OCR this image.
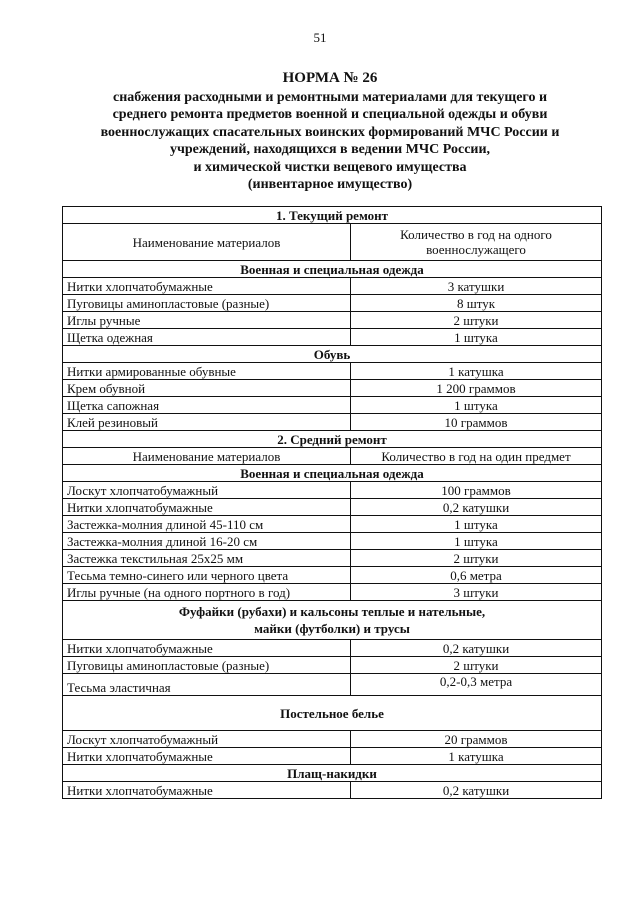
51
НОРМА № 26
снабжения расходными и ремонтными материалами для текущего и
среднего ремонта предметов военной и специальной одежды и обуви
военнослужащих спасательных воинских формирований МЧС России и
учреждений, находящихся в ведении МЧС России,
и химической чистки вещевого имущества
(инвентарное имущество)
1. Текущий ремонт	
Наименование материалов	Количество в год на одного военнослужащего
Военная и специальная одежда	
Нитки хлопчатобумажные	3 катушки
Пуговицы аминопластовые (разные)	8 штук
Иглы ручные	2 штуки
Щетка одежная	1 штука
Обувь	
Нитки армированные обувные	1 катушка
Крем обувной	1 200 граммов
Щетка сапожная	1 штука
Клей резиновый	10 граммов
2. Средний ремонт	
Наименование материалов	Количество в год на один предмет
Военная и специальная одежда	
Лоскут хлопчатобумажный	100 граммов
Нитки хлопчатобумажные	0,2 катушки
Застежка-молния длиной 45-110 см	1 штука
Застежка-молния длиной 16-20 см	1 штука
Застежка текстильная 25x25 мм	2 штуки
Тесьма темно-синего или черного цвета	0,6 метра
Иглы ручные (на одного портного в год)	3 штуки

Фуфайки (рубахи) и кальсоны теплые и нательные,
майки (футболки) и трусы	

Нитки хлопчатобумажные	0,2 катушки
Пуговицы аминопластовые (разные)	2 штуки
Тесьма эластичная	0,2-0,3 метра
Постельное белье	
Лоскут хлопчатобумажный	20 граммов
Нитки хлопчатобумажные	1 катушка
Плащ-накидки	
Нитки хлопчатобумажные	0,2 катушки
